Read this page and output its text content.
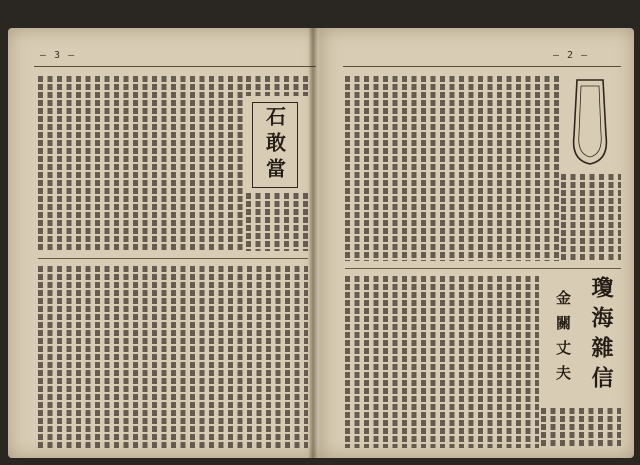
— 3 —
石敢當
— 2 —
瓊海雜信
金關丈夫
